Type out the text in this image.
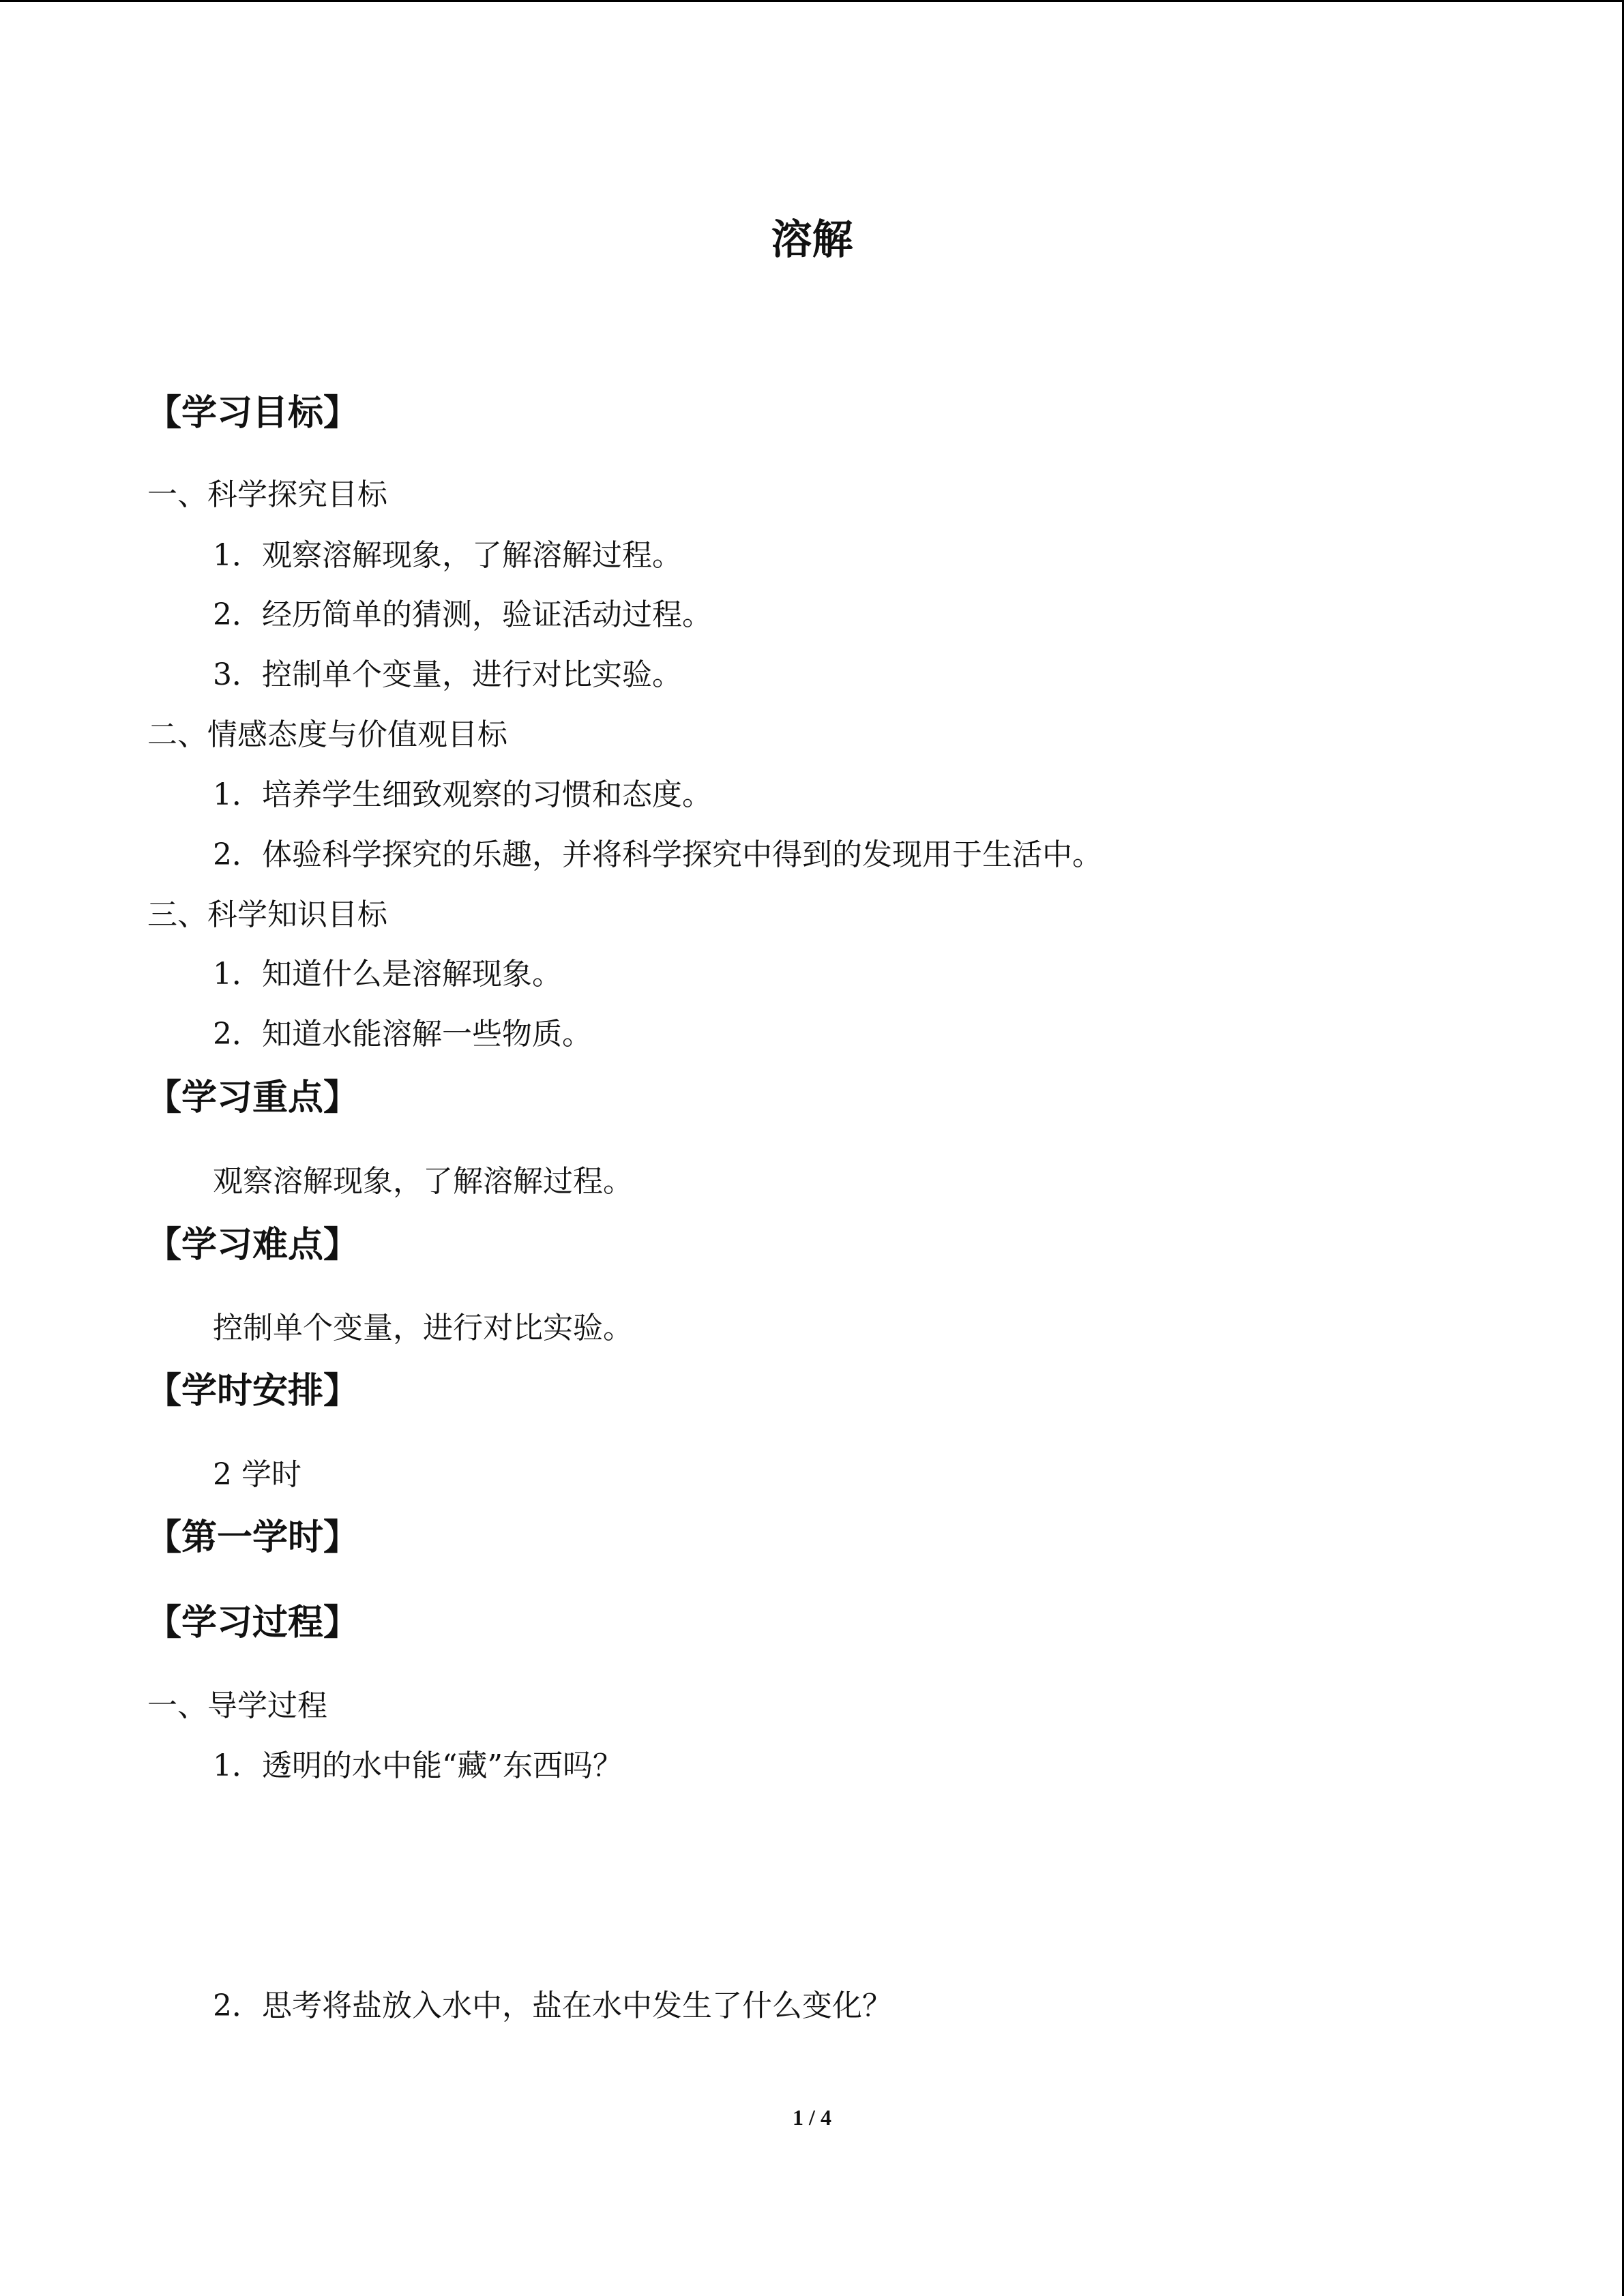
溶解
【学习目标】
一、科学探究目标
1．观察溶解现象，了解溶解过程。
2．经历简单的猜测，验证活动过程。
3．控制单个变量，进行对比实验。
二、情感态度与价值观目标
1．培养学生细致观察的习惯和态度。
2．体验科学探究的乐趣，并将科学探究中得到的发现用于生活中。
三、科学知识目标
1．知道什么是溶解现象。
2．知道水能溶解一些物质。
【学习重点】
观察溶解现象，了解溶解过程。
【学习难点】
控制单个变量，进行对比实验。
【学时安排】
2 学时
【第一学时】
【学习过程】
一、导学过程
1．透明的水中能“藏”东西吗？
2．思考将盐放入水中，盐在水中发生了什么变化？
1 / 4
